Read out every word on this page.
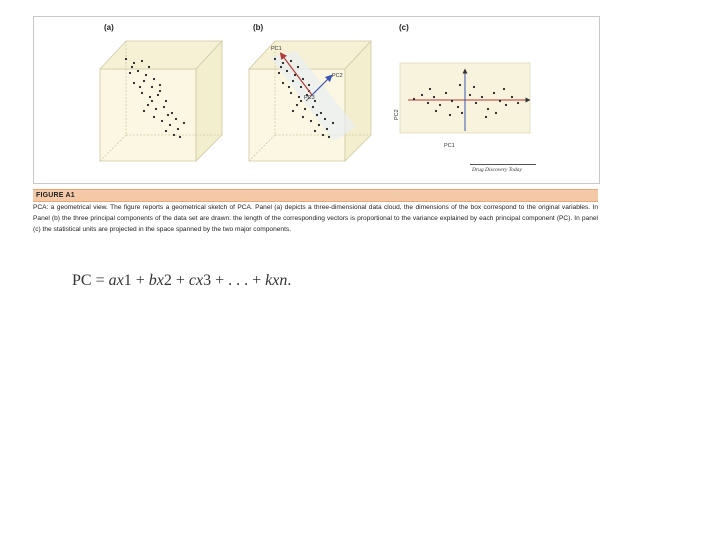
(a)	(b)	(c)
PC1
PC2
PC3
PC1
PC2
Drug Discovery Today
FIGURE A1
PCA: a geometrical view. The figure reports a geometrical sketch of PCA. Panel (a) depicts a three-dimensional data cloud, the dimensions of the box correspond to the original variables. In Panel (b) the three principal components of the data set are drawn: the length of the corresponding vectors is proportional to the variance explained by each principal component (PC). In panel (c) the statistical units are projected in the space spanned by the two major components.
PC = ax1 + bx2 + cx3 + . . . + kxn.
